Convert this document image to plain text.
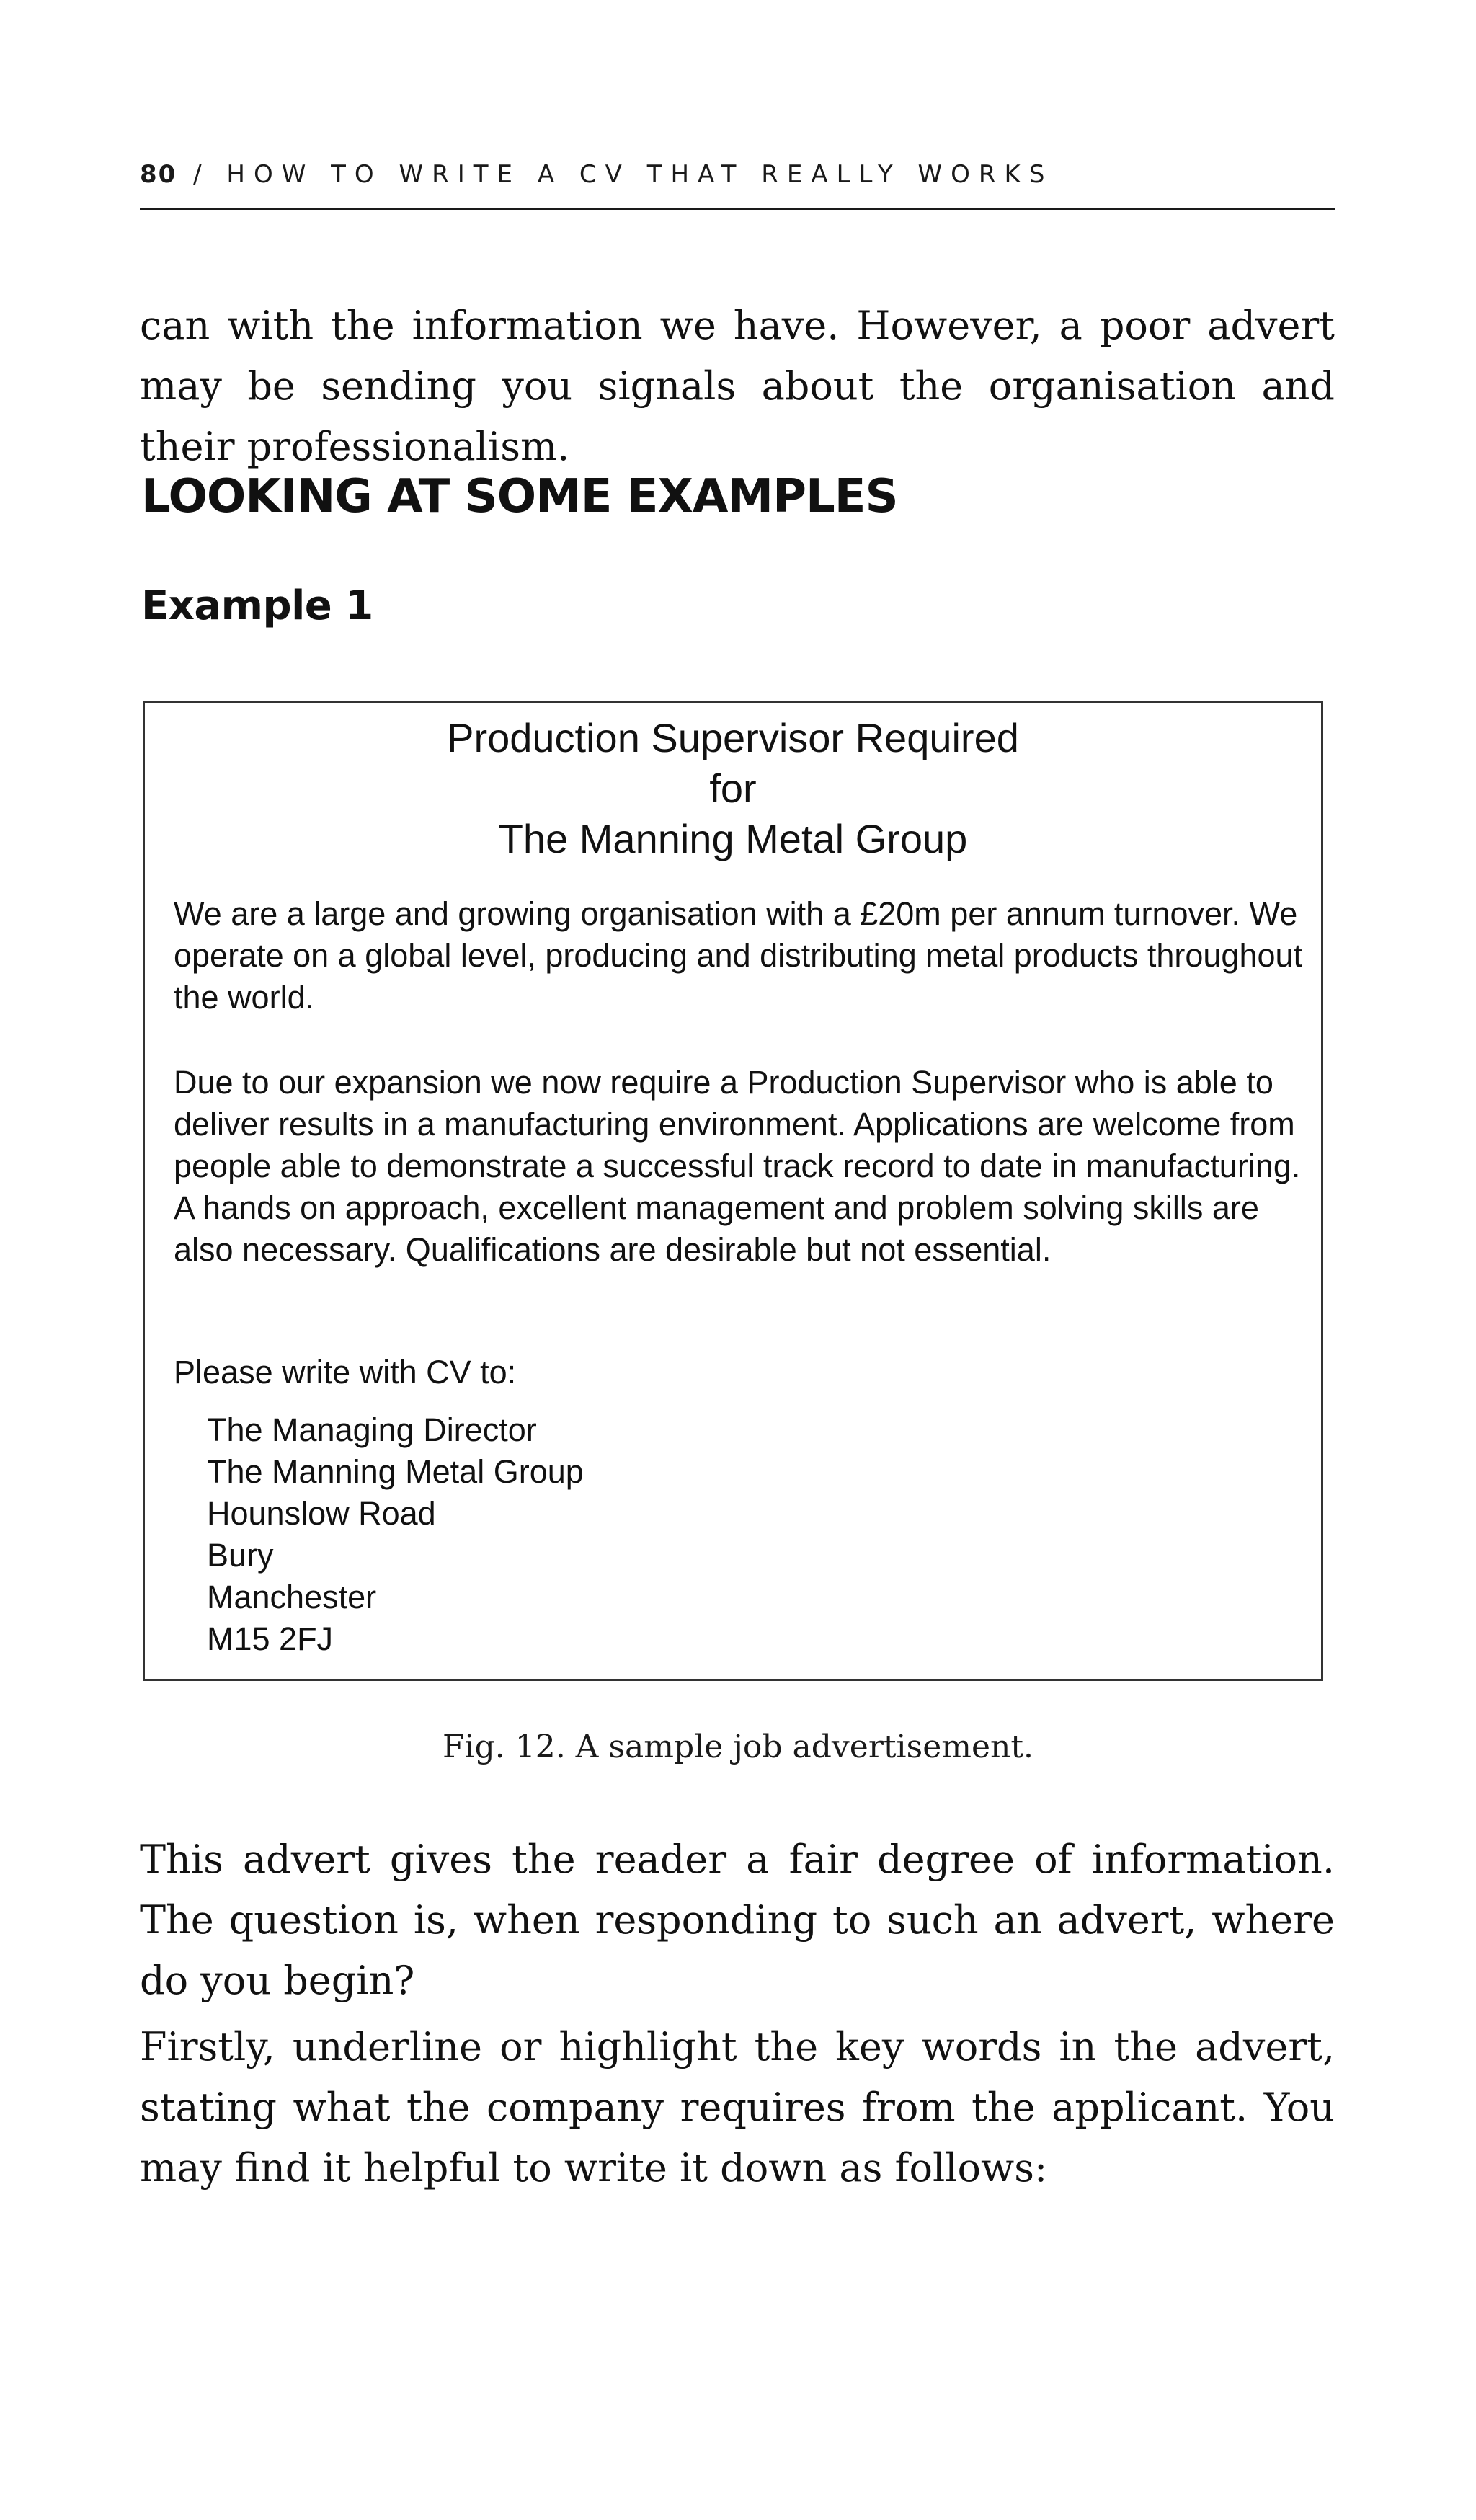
80 / HOW TO WRITE A CV THAT REALLY WORKS

can with the information we have. However, a poor advert may be sending you signals about the organisation and their professionalism.

LOOKING AT SOME EXAMPLES
Example 1
Production Supervisor Required
for
The Manning Metal Group

We are a large and growing organisation with a £20m per annum turnover. We operate on a global level, producing and distributing metal products throughout the world.

Due to our expansion we now require a Production Supervisor who is able to deliver results in a manufacturing environment. Applications are welcome from people able to demonstrate a successful track record to date in manufacturing. A hands on approach, excellent management and problem solving skills are also necessary. Qualifications are desirable but not essential.

Please write with CV to:

The Managing Director
The Manning Metal Group
Hounslow Road
Bury
Manchester
M15 2FJ
Fig. 12. A sample job advertisement.

This advert gives the reader a fair degree of information. The question is, when responding to such an advert, where do you begin?

Firstly, underline or highlight the key words in the advert, stating what the company requires from the applicant. You may find it helpful to write it down as follows:
